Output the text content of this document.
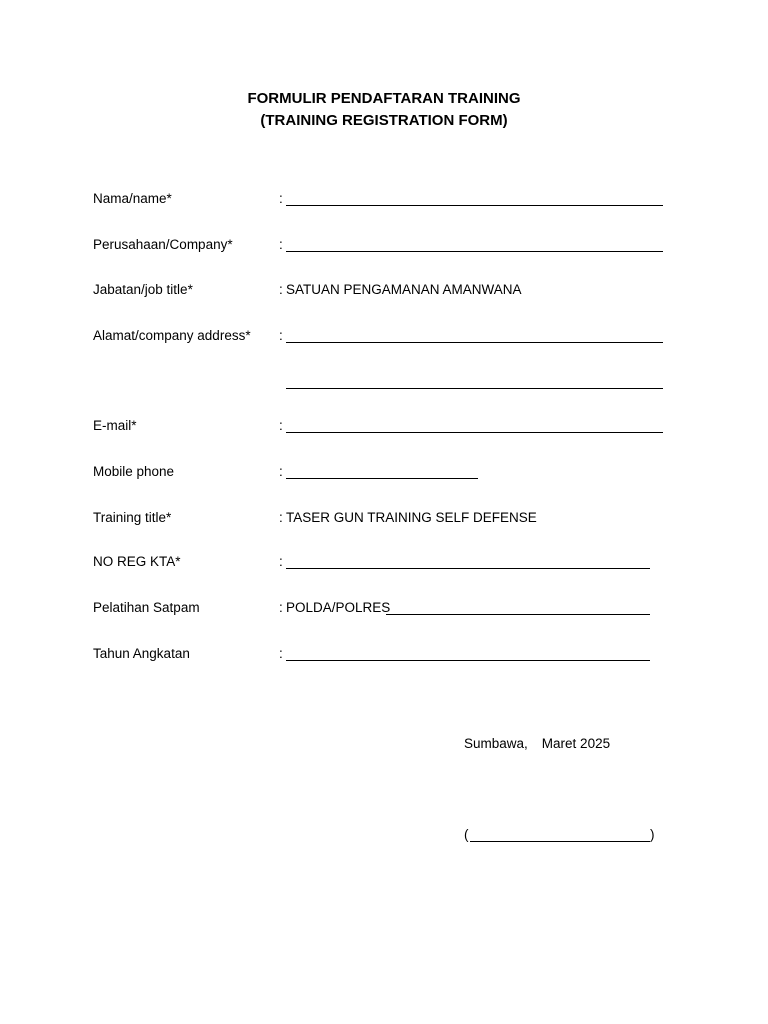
FORMULIR PENDAFTARAN TRAINING
(TRAINING REGISTRATION FORM)
Nama/name*	:
Perusahaan/Company*	:
Jabatan/job title*	: SATUAN PENGAMANAN AMANWANA
Alamat/company address* :
E-mail*	:
Mobile phone	:
Training title*	: TASER GUN TRAINING SELF DEFENSE
NO REG KTA*	:
Pelatihan Satpam	: POLDA/POLRES
Tahun Angkatan	:
Sumbawa, Maret 2025
(	)
